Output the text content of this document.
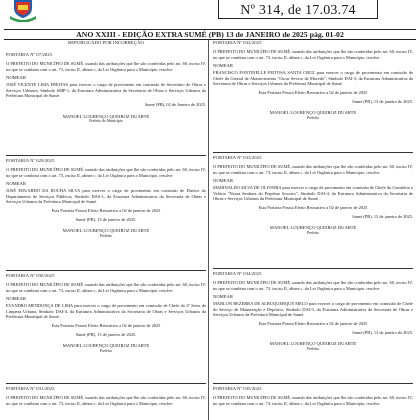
Nº 314, de 17.03.74
ANO XXIII - EDIÇÃO EXTRA SUMÉ (PB) 13 de JANEIRO de 2025 pág. 01-02
REPUBLICADO POR INCORREÇÃO
PORTARIA Nº 07/2025
O PREFEITO DO MUNICÍPIO DE SUMÉ, usando das atribuições que lhe são conferidas pelo art. 60, inciso IV, no que se combina com o art. 73, inciso II, alínea c, da Lei Orgânica para o Município, resolve:
NOMEAR
JOSÉ VICENTE LIMA FREITAS para exercer o cargo de provimento em comissão de Secretário de Obras e Serviços Urbanos, Símbolo SMP-1, da Estrutura Administrativa da Secretaria de Obras e Serviços Urbanos da Prefeitura Municipal de Sumé.
Sumé (PB), 02 de Janeiro de 2025.
MANOEL LOURENÇO QUEIROZ DUARTE
Prefeito do Município
PORTARIA Nº 029/2025
O PREFEITO DO MUNICÍPIO DE SUMÉ, usando das atribuições que lhe são conferidas pelo art. 60, inciso IV, no que se combina com o art. 73, inciso II, alínea c, da Lei Orgânica para o Município, resolve:
NOMEAR
JOSÉ EDUARDO DA ROCHA SILVA para exercer o cargo de provimento em comissão de Diretor do Departamento de Serviços Públicos, Símbolo DAS-1, da Estrutura Administrativa da Secretaria de Obras e Serviços Urbanos da Prefeitura Municipal de Sumé.
Esta Portaria Possui Efeito Retroativo a 02 de janeiro de 2025
Sumé (PB), 13 de janeiro de 2025.
MANOEL LOURENÇO QUEIROZ DUARTE
Prefeito
PORTARIA Nº 030/2025
O PREFEITO DO MUNICÍPIO DE SUMÉ, usando das atribuições que lhe são conferidas pelo art. 60, inciso IV, no que se combina com o art. 73, inciso II, alínea c, da Lei Orgânica para o Município, resolve:
NOMEAR
EVANDRO MENDONÇA DE LIMA para exercer o cargo de provimento em comissão de Chefe do 2º Setor de Limpeza Urbana, Símbolo DAI-4, da Estrutura Administrativa da Secretaria de Obras e Serviços Urbanos da Prefeitura Municipal de Sumé.
Esta Portaria Possui Efeito Retroativo a 02 de janeiro de 2025
Sumé (PB), 13 de janeiro de 2025.
MANOEL LOURENÇO QUEIROZ DUARTE
Prefeito
PORTARIA Nº 031/2025
O PREFEITO DO MUNICÍPIO DE SUMÉ, usando das atribuições que lhe são conferidas pelo art. 60, inciso IV, no que se combina com o art. 73, inciso II, alínea c, da Lei Orgânica para o Município, resolve:
PORTARIA Nº 032/2025
O PREFEITO DO MUNICÍPIO DE SUMÉ, usando das atribuições que lhe são conferidas pelo art. 60, inciso IV, no que se combina com o art. 73, inciso II, alínea c, da Lei Orgânica para o Município, resolve:
NOMEAR
FRANCISCO FONTINELLE FEITOSA SANTA CRUZ para exercer o cargo de provimento em comissão de Chefe da Central de Abastecimento "Oscar Severo de Macedo", Símbolo DAI-3, da Estrutura Administrativa da Secretaria de Obras e Serviços Urbanos da Prefeitura Municipal de Sumé.
Esta Portaria Possui Efeito Retroativo a 02 de janeiro de 2025
Sumé (PB), 13 de janeiro de 2025.
MANOEL LOURENÇO QUEIROZ DUARTE
Prefeito
PORTARIA Nº 033/2025
O PREFEITO DO MUNICÍPIO DE SUMÉ, usando das atribuições que lhe são conferidas pelo art. 60, inciso IV, no que se combina com o art. 73, inciso II, alínea c, da Lei Orgânica para o Município, resolve:
NOMEAR
MARINALDO SILVA DE OLIVEIRA para exercer o cargo de provimento em comissão de Chefe do Cemitério e Velório "Nossa Senhora do Perpétuo Socorro", Símbolo DAI-4, da Estrutura Administrativa da Secretaria de Obras e Serviços Urbanos da Prefeitura Municipal de Sumé.
Esta Portaria Possui Efeito Retroativo a 02 de janeiro de 2025
Sumé (PB), 13 de janeiro de 2025.
MANOEL LOURENÇO QUEIROZ DUARTE
Prefeito
PORTARIA Nº 034/2025
O PREFEITO DO MUNICÍPIO DE SUMÉ, usando das atribuições que lhe são conferidas pelo art. 60, inciso IV, no que se combina com o art. 73, inciso II, alínea c, da Lei Orgânica para o Município, resolve:
NOMEAR
MARLON BEZERRA DE ALBUQUERQUE MELO para exercer o cargo de provimento em comissão de Chefe do Serviço de Manutenção e Depósito, Símbolo DAI-3, da Estrutura Administrativa da Secretaria de Obras e Serviços Urbanos da Prefeitura Municipal de Sumé.
Esta Portaria Possui Efeito Retroativo a 02 de janeiro de 2025
Sumé (PB), 13 de janeiro de 2025.
MANOEL LOURENÇO QUEIROZ DUARTE
Prefeito
PORTARIA Nº 035/2025
O PREFEITO DO MUNICÍPIO DE SUMÉ, usando das atribuições que lhe são conferidas pelo art. 60, inciso IV, no que se combina com o art. 73, inciso II, alínea c, da Lei Orgânica para o Município, resolve:
